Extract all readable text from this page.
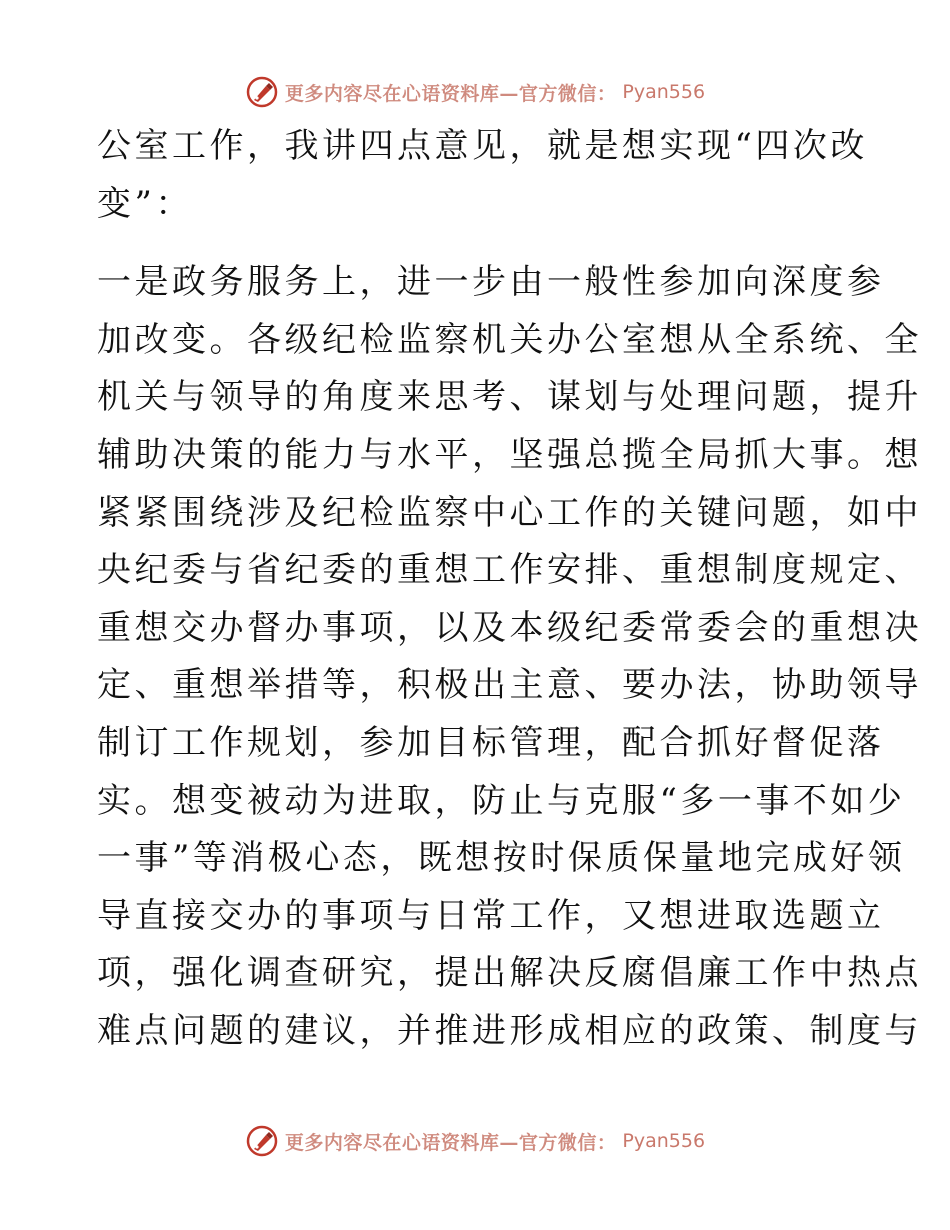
更多内容尽在心语资料库—官方微信： Pyan556
公室工作，我讲四点意见，就是想实现“四次改
变”：
一是政务服务上，进一步由一般性参加向深度参
加改变。各级纪检监察机关办公室想从全系统、全
机关与领导的角度来思考、谋划与处理问题，提升
辅助决策的能力与水平，坚强总揽全局抓大事。想
紧紧围绕涉及纪检监察中心工作的关键问题，如中
央纪委与省纪委的重想工作安排、重想制度规定、
重想交办督办事项，以及本级纪委常委会的重想决
定、重想举措等，积极出主意、要办法，协助领导
制订工作规划，参加目标管理，配合抓好督促落
实。想变被动为进取，防止与克服“多一事不如少
一事”等消极心态，既想按时保质保量地完成好领
导直接交办的事项与日常工作，又想进取选题立
项，强化调查研究，提出解决反腐倡廉工作中热点
难点问题的建议，并推进形成相应的政策、制度与
更多内容尽在心语资料库—官方微信： Pyan556
